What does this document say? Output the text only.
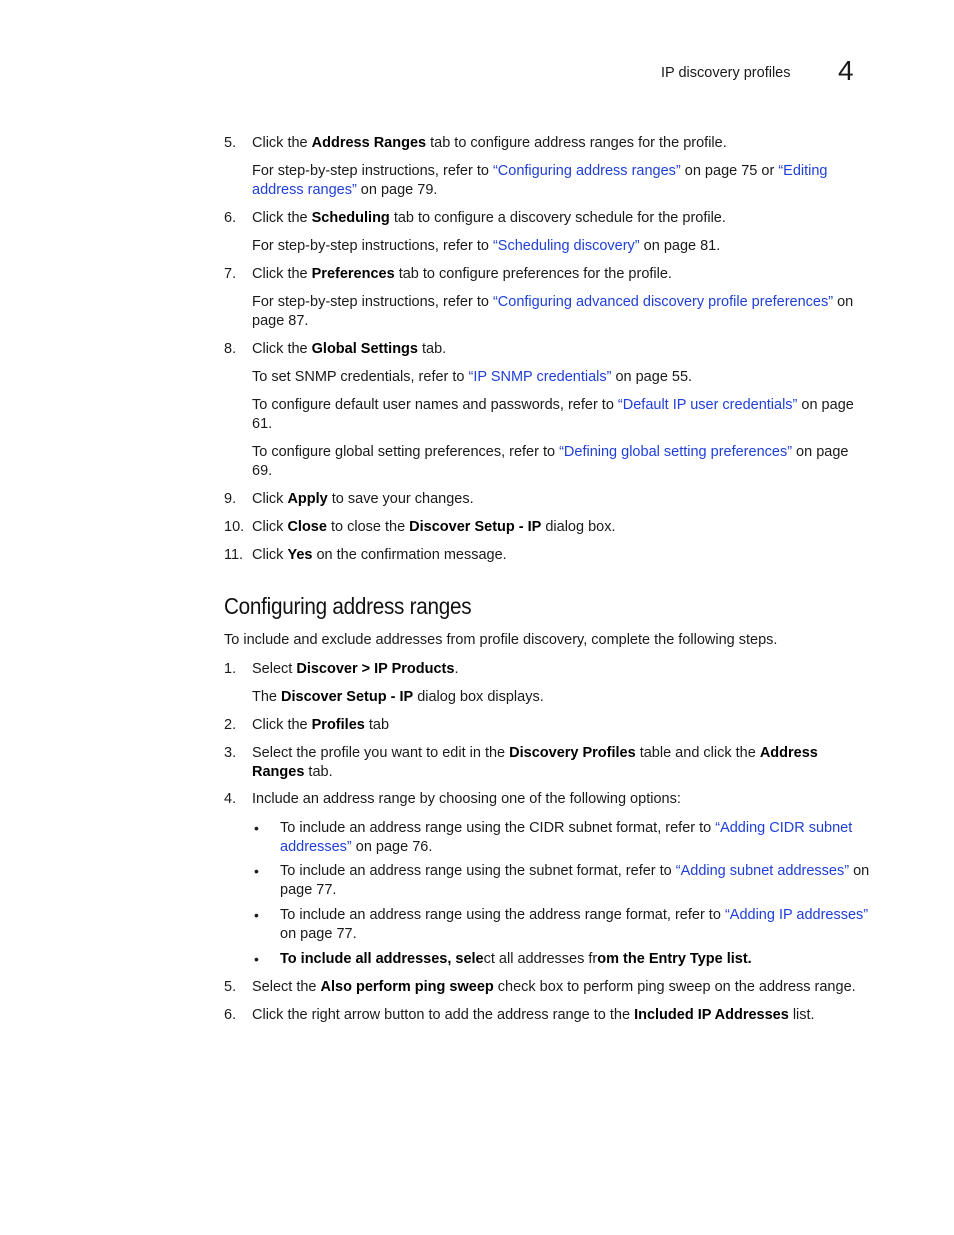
IP discovery profiles 4
5. Click the Address Ranges tab to configure address ranges for the profile.
For step-by-step instructions, refer to “Configuring address ranges” on page 75 or “Editing address ranges” on page 79.
6. Click the Scheduling tab to configure a discovery schedule for the profile.
For step-by-step instructions, refer to “Scheduling discovery” on page 81.
7. Click the Preferences tab to configure preferences for the profile.
For step-by-step instructions, refer to “Configuring advanced discovery profile preferences” on page 87.
8. Click the Global Settings tab.
To set SNMP credentials, refer to “IP SNMP credentials” on page 55.
To configure default user names and passwords, refer to “Default IP user credentials” on page 61.
To configure global setting preferences, refer to “Defining global setting preferences” on page 69.
9. Click Apply to save your changes.
10. Click Close to close the Discover Setup - IP dialog box.
11. Click Yes on the confirmation message.
Configuring address ranges
To include and exclude addresses from profile discovery, complete the following steps.
1. Select Discover > IP Products.
The Discover Setup - IP dialog box displays.
2. Click the Profiles tab
3. Select the profile you want to edit in the Discovery Profiles table and click the Address Ranges tab.
4. Include an address range by choosing one of the following options:
• To include an address range using the CIDR subnet format, refer to “Adding CIDR subnet addresses” on page 76.
• To include an address range using the subnet format, refer to “Adding subnet addresses” on page 77.
• To include an address range using the address range format, refer to “Adding IP addresses” on page 77.
• To include all addresses, select all addresses from the Entry Type list.
5. Select the Also perform ping sweep check box to perform ping sweep on the address range.
6. Click the right arrow button to add the address range to the Included IP Addresses list.
